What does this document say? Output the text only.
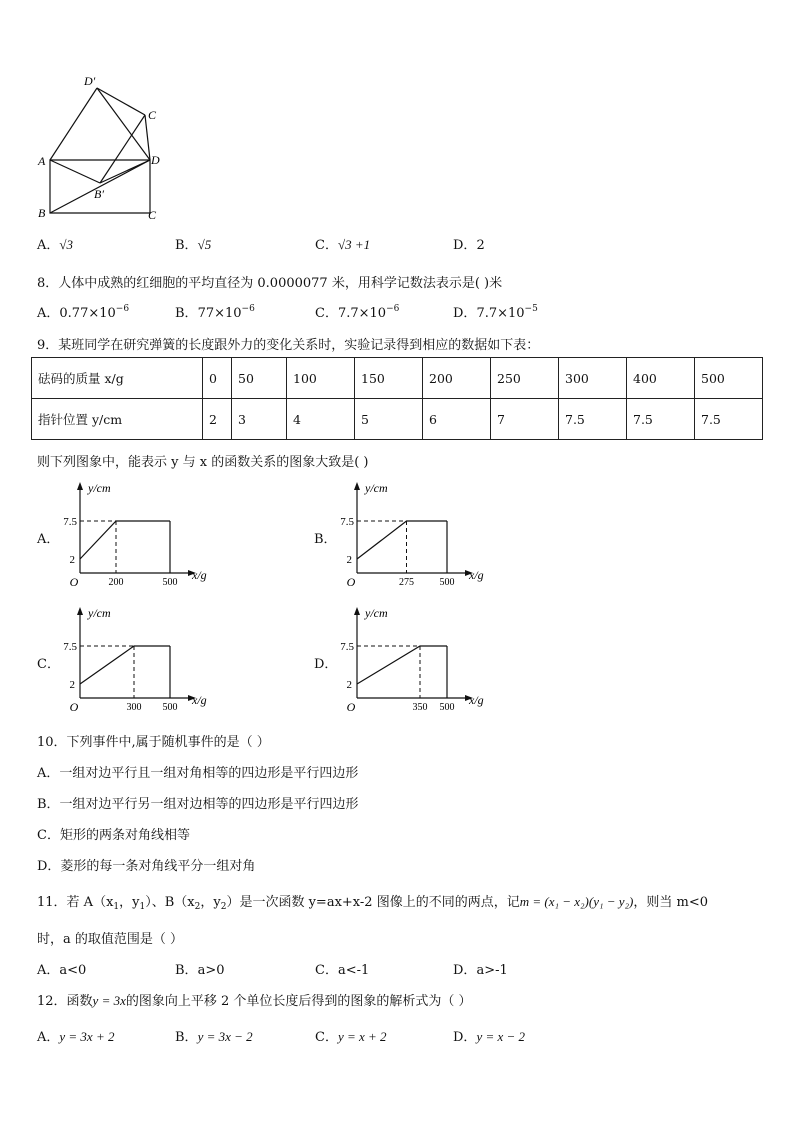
D′
C
A	D
B′
B	C
A．√3	B．√5	C．√3 +1	D．2
8．人体中成熟的红细胞的平均直径为 0.0000077 米，用科学记数法表示是( )米
A．$0.77\times 10^{-6}$	B．$77\times 10^{-6}$	C．$7.7\times 10^{-6}$	D．$7.7\times 10^{-5}$
9．某班同学在研究弹簧的长度跟外力的变化关系时，实验记录得到相应的数据如下表：
砝码的质量 x/g	0	50	100	150	200	250	300	400	500
指针位置 y/cm	2	3	4	5	6	7	7.5	7.5	7.5
则下列图象中，能表示 y 与 x 的函数关系的图象大致是( )
A．
y/cm
x/g
O
7.5
2
200	500
B．
y/cm
x/g
O
7.5
2
275	500
C．
y/cm
x/g
O
7.5
2
300 500
D．
y/cm
x/g
O
7.5
2
350 500
10．下列事件中,属于随机事件的是（ ）
A．一组对边平行且一组对角相等的四边形是平行四边形
B．一组对边平行另一组对边相等的四边形是平行四边形
C．矩形的两条对角线相等
D．菱形的每一条对角线平分一组对角
11．若 $A(x_1$，$y_1$）、$B(x_2$，$y_2$）是一次函数 y=ax+x-2 图像上的不同的两点，记m = (x₁ − x₂)(y₁ − y₂)，则当 m<0
时，a 的取值范围是（ ）
A．a<0	B．a>0	C．a<-1	D．a>-1
12．函数y = 3x的图象向上平移 2 个单位长度后得到的图象的解析式为（ ）
A．y = 3x + 2	B．y = 3x − 2	C．y = x + 2	D．y = x − 2
